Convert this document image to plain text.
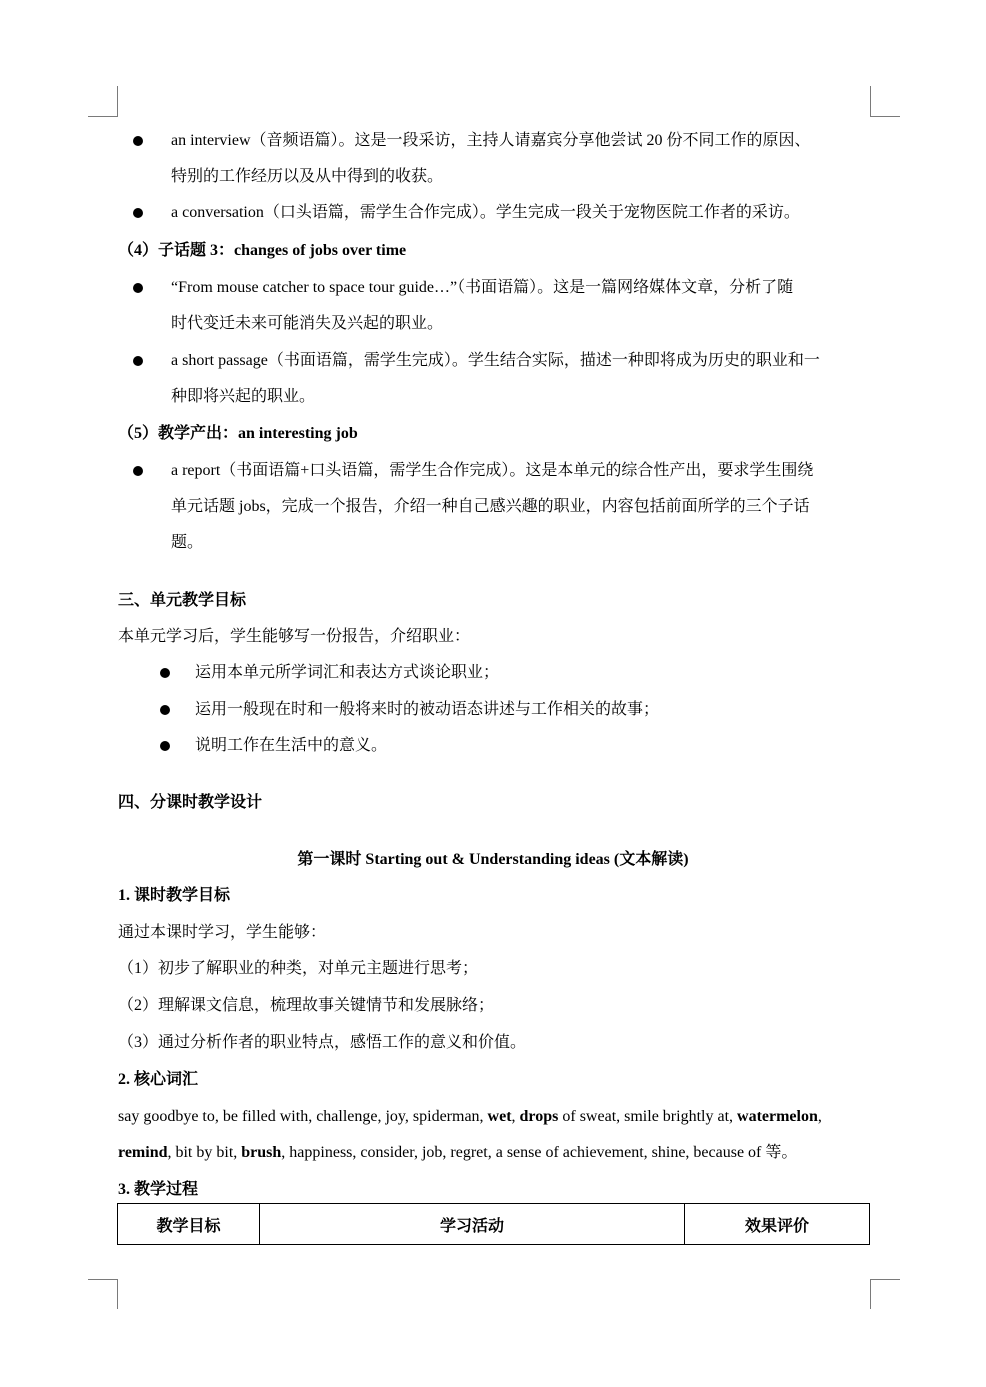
an interview（音频语篇）。这是一段采访，主持人请嘉宾分享他尝试 20 份不同工作的原因、
特别的工作经历以及从中得到的收获。
a conversation（口头语篇，需学生合作完成）。学生完成一段关于宠物医院工作者的采访。
（4）子话题 3：changes of jobs over time
“From mouse catcher to space tour guide…”（书面语篇）。这是一篇网络媒体文章，分析了随
时代变迁未来可能消失及兴起的职业。
a short passage（书面语篇，需学生完成）。学生结合实际，描述一种即将成为历史的职业和一
种即将兴起的职业。
（5）教学产出：an interesting job
a report（书面语篇+口头语篇，需学生合作完成）。这是本单元的综合性产出，要求学生围绕
单元话题 jobs，完成一个报告，介绍一种自己感兴趣的职业，内容包括前面所学的三个子话
题。
三、单元教学目标
本单元学习后，学生能够写一份报告，介绍职业：
运用本单元所学词汇和表达方式谈论职业；
运用一般现在时和一般将来时的被动语态讲述与工作相关的故事；
说明工作在生活中的意义。
四、分课时教学设计
第一课时 Starting out & Understanding ideas (文本解读)
1. 课时教学目标
通过本课时学习，学生能够：
（1）初步了解职业的种类，对单元主题进行思考；
（2）理解课文信息，梳理故事关键情节和发展脉络；
（3）通过分析作者的职业特点，感悟工作的意义和价值。
2. 核心词汇
say goodbye to, be filled with, challenge, joy, spiderman, wet, drops of sweat, smile brightly at, watermelon,
remind, bit by bit, brush, happiness, consider, job, regret, a sense of achievement, shine, because of 等。
3. 教学过程
教学目标	学习活动	效果评价
